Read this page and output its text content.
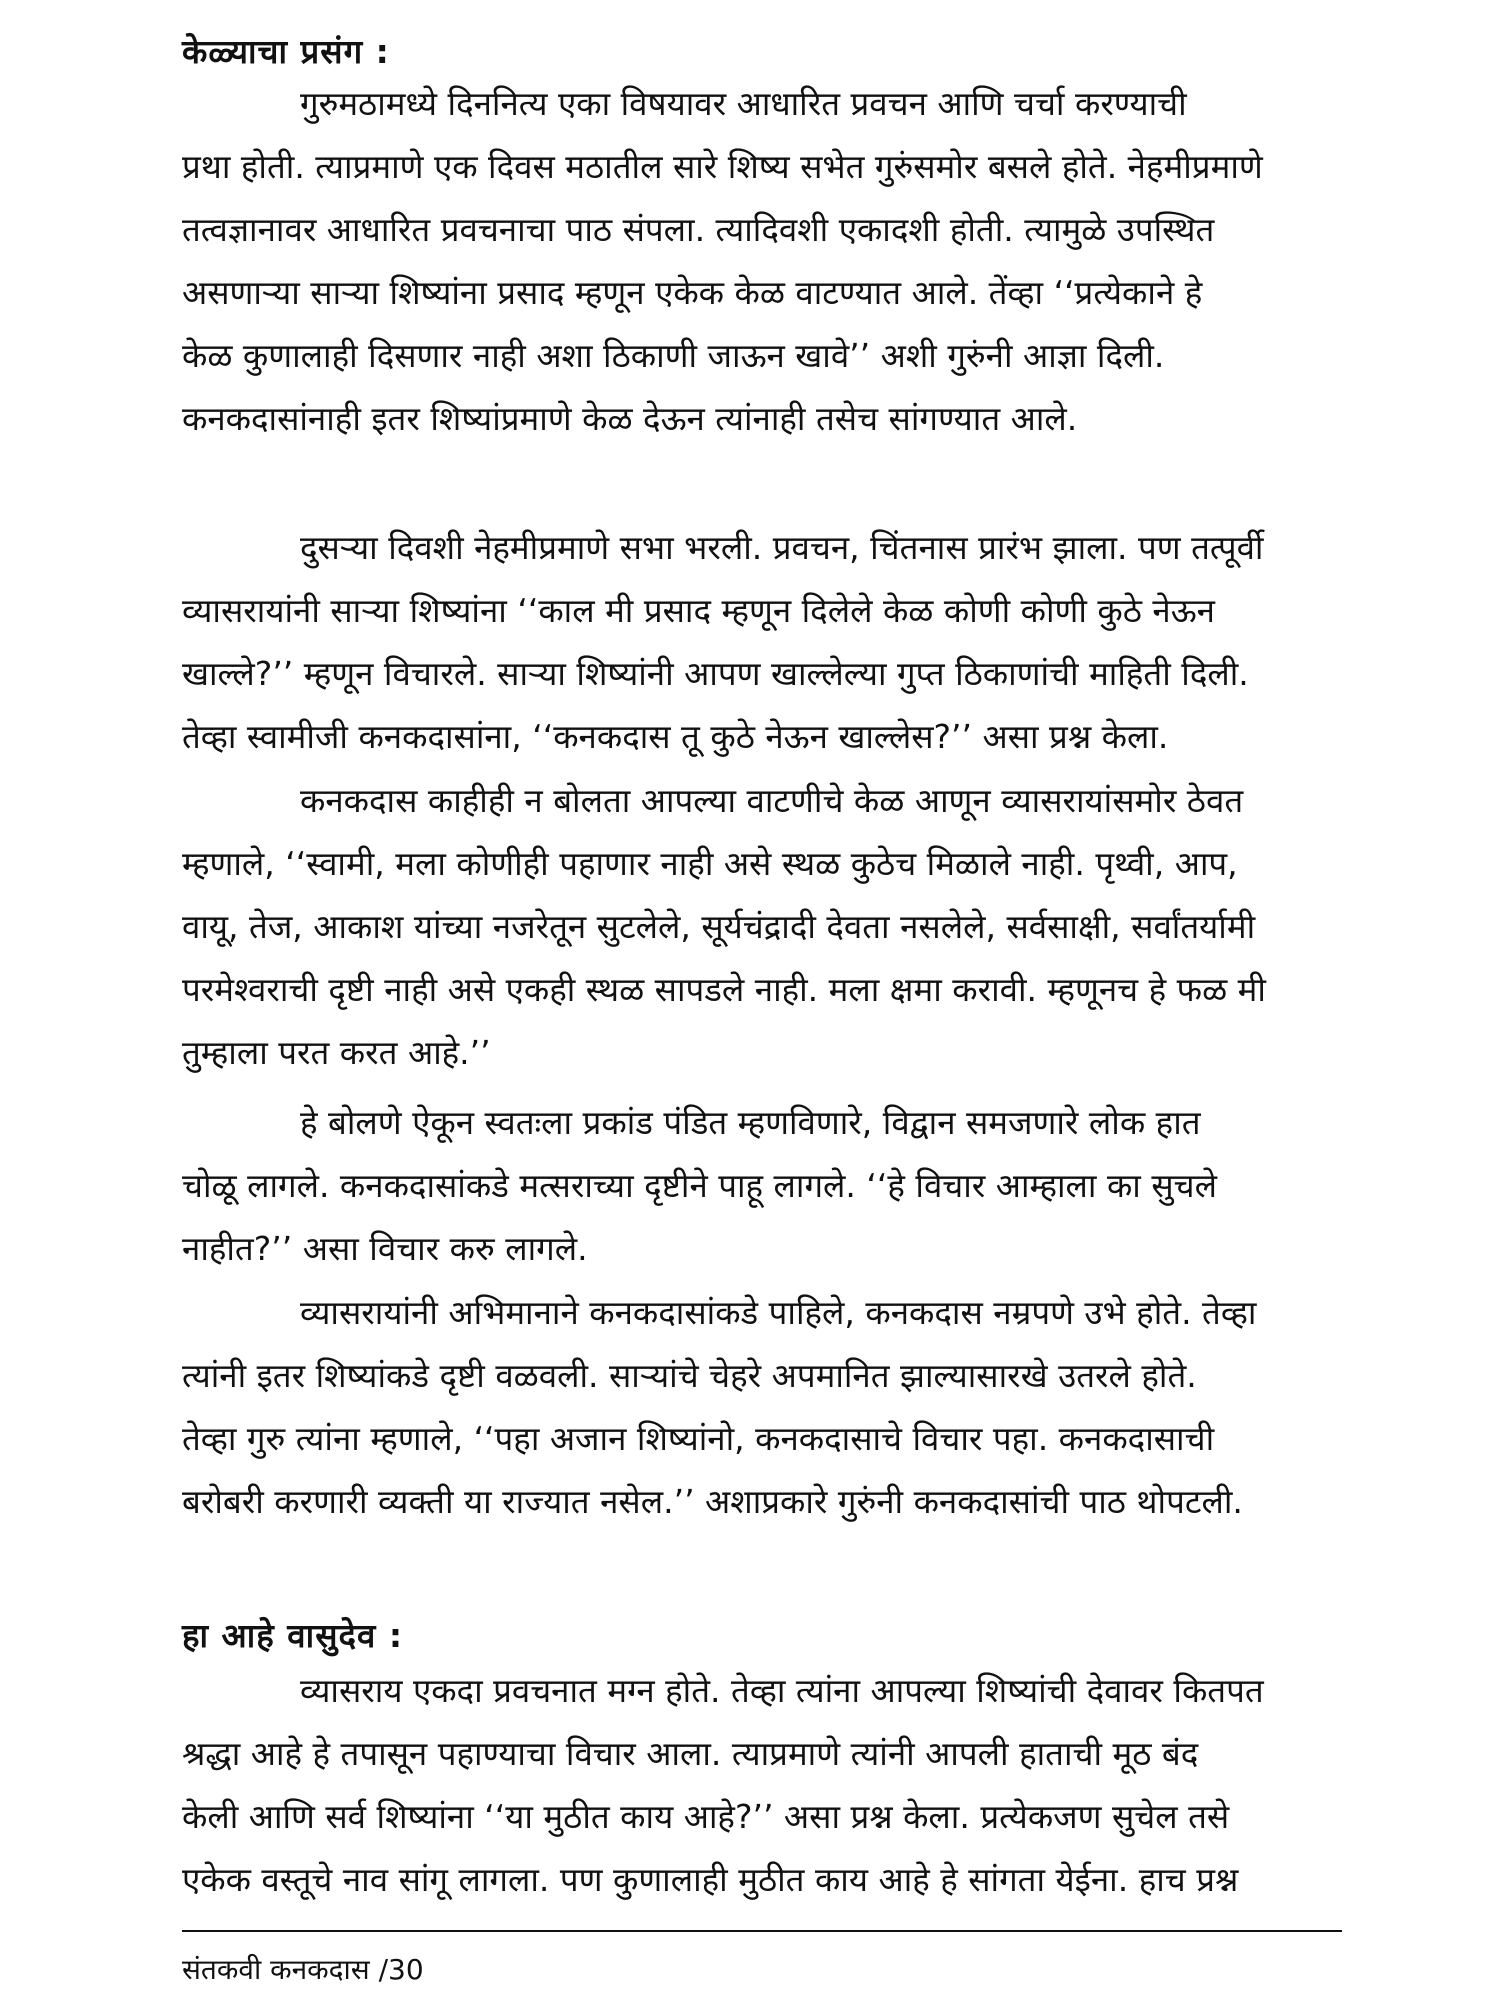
केळ्याचा प्रसंग :
गुरुमठामध्ये दिननित्य एका विषयावर आधारित प्रवचन आणि चर्चा करण्याची
प्रथा होती. त्याप्रमाणे एक दिवस मठातील सारे शिष्य सभेत गुरुंसमोर बसले होते. नेहमीप्रमाणे
तत्वज्ञानावर आधारित प्रवचनाचा पाठ संपला. त्यादिवशी एकादशी होती. त्यामुळे उपस्थित
असणाऱ्या साऱ्या शिष्यांना प्रसाद म्हणून एकेक केळ वाटण्यात आले. तेंव्हा ‘‘प्रत्येकाने हे
केळ कुणालाही दिसणार नाही अशा ठिकाणी जाऊन खावे’’ अशी गुरुंनी आज्ञा दिली.
कनकदासांनाही इतर शिष्यांप्रमाणे केळ देऊन त्यांनाही तसेच सांगण्यात आले.
दुसऱ्या दिवशी नेहमीप्रमाणे सभा भरली. प्रवचन, चिंतनास प्रारंभ झाला. पण तत्पूर्वी
व्यासरायांनी साऱ्या शिष्यांना ‘‘काल मी प्रसाद म्हणून दिलेले केळ कोणी कोणी कुठे नेऊन
खाल्ले?’’ म्हणून विचारले. साऱ्या शिष्यांनी आपण खाल्लेल्या गुप्त ठिकाणांची माहिती दिली.
तेव्हा स्वामीजी कनकदासांना, ‘‘कनकदास तू कुठे नेऊन खाल्लेस?’’ असा प्रश्न केला.
कनकदास काहीही न बोलता आपल्या वाटणीचे केळ आणून व्यासरायांसमोर ठेवत
म्हणाले, ‘‘स्वामी, मला कोणीही पहाणार नाही असे स्थळ कुठेच मिळाले नाही. पृथ्वी, आप,
वायू, तेज, आकाश यांच्या नजरेतून सुटलेले, सूर्यचंद्रादी देवता नसलेले, सर्वसाक्षी, सर्वांतर्यामी
परमेश्वराची दृष्टी नाही असे एकही स्थळ सापडले नाही. मला क्षमा करावी. म्हणूनच हे फळ मी
तुम्हाला परत करत आहे.’’
हे बोलणे ऐकून स्वतःला प्रकांड पंडित म्हणविणारे, विद्वान समजणारे लोक हात
चोळू लागले. कनकदासांकडे मत्सराच्या दृष्टीने पाहू लागले. ‘‘हे विचार आम्हाला का सुचले
नाहीत?’’ असा विचार करु लागले.
व्यासरायांनी अभिमानाने कनकदासांकडे पाहिले, कनकदास नम्रपणे उभे होते. तेव्हा
त्यांनी इतर शिष्यांकडे दृष्टी वळवली. साऱ्यांचे चेहरे अपमानित झाल्यासारखे उतरले होते.
तेव्हा गुरु त्यांना म्हणाले, ‘‘पहा अजान शिष्यांनो, कनकदासाचे विचार पहा. कनकदासाची
बरोबरी करणारी व्यक्ती या राज्यात नसेल.’’ अशाप्रकारे गुरुंनी कनकदासांची पाठ थोपटली.
हा आहे वासुदेव :
व्यासराय एकदा प्रवचनात मग्न होते. तेव्हा त्यांना आपल्या शिष्यांची देवावर कितपत
श्रद्धा आहे हे तपासून पहाण्याचा विचार आला. त्याप्रमाणे त्यांनी आपली हाताची मूठ बंद
केली आणि सर्व शिष्यांना ‘‘या मुठीत काय आहे?’’ असा प्रश्न केला. प्रत्येकजण सुचेल तसे
एकेक वस्तूचे नाव सांगू लागला. पण कुणालाही मुठीत काय आहे हे सांगता येईना. हाच प्रश्न
संतकवी कनकदास /30
